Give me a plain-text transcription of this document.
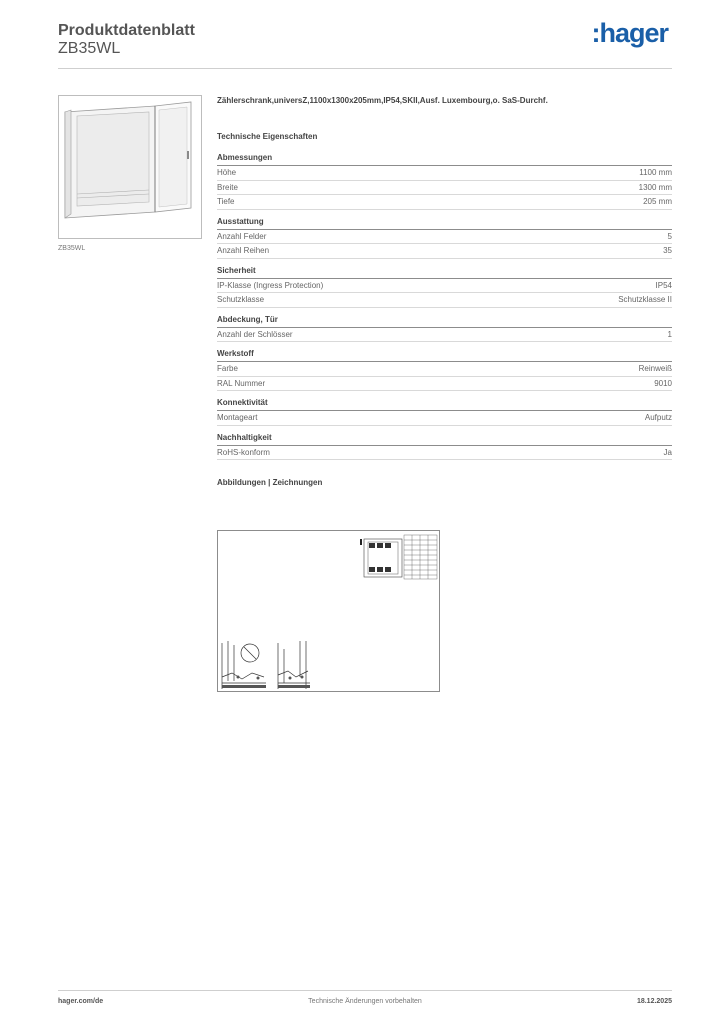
Produktdatenblatt
ZB35WL
:hager
ZB35WL
Zählerschrank,universZ,1100x1300x205mm,IP54,SKII,Ausf. Luxembourg,o. SaS-Durchf.
Technische Eigenschaften
Abmessungen
Höhe	1100 mm
Breite	1300 mm
Tiefe	205 mm
Ausstattung
Anzahl Felder	5
Anzahl Reihen	35
Sicherheit
IP-Klasse (Ingress Protection)	IP54
Schutzklasse	Schutzklasse II
Abdeckung, Tür
Anzahl der Schlösser	1
Werkstoff
Farbe	Reinweiß
RAL Nummer	9010
Konnektivität
Montageart	Aufputz
Nachhaltigkeit
RoHS-konform	Ja
Abbildungen | Zeichnungen
hager.com/de	Technische Änderungen vorbehalten	18.12.2025
